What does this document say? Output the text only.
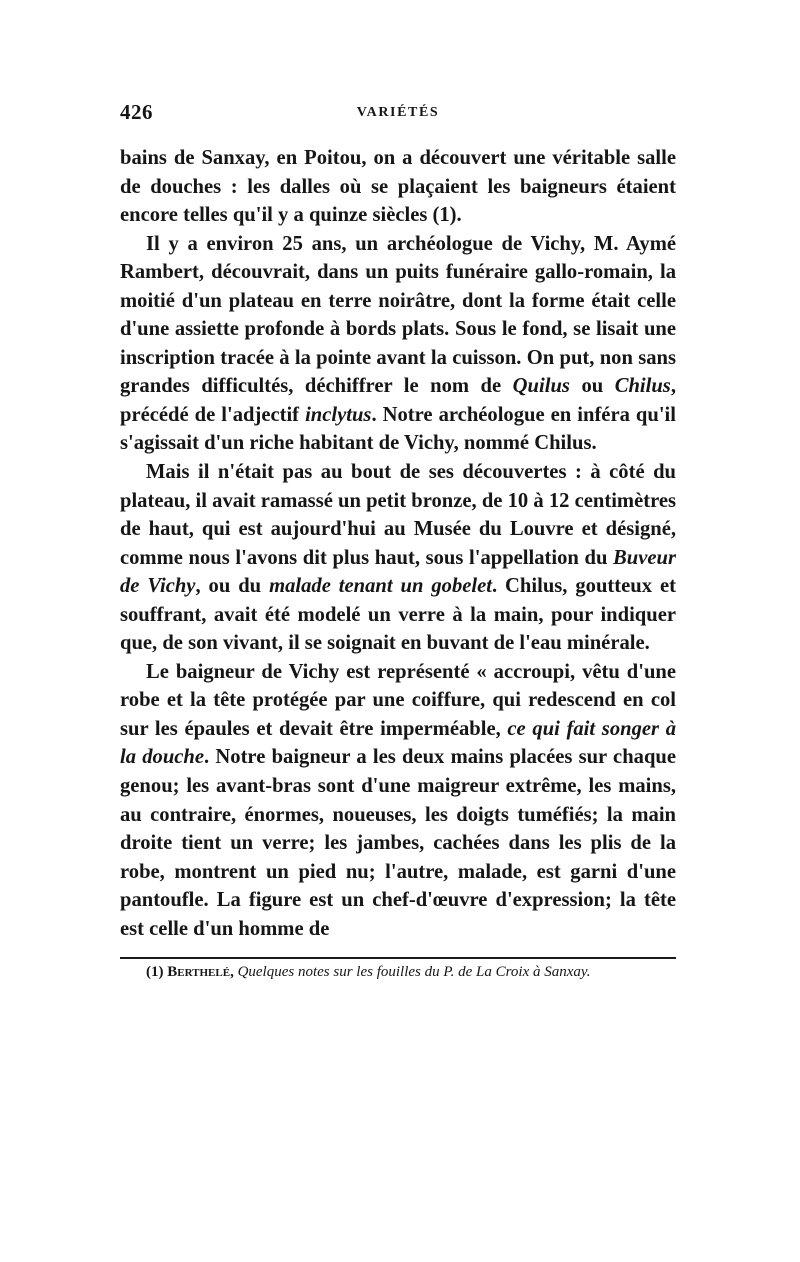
426	VARIÉTÉS

bains de Sanxay, en Poitou, on a découvert une véritable salle de douches : les dalles où se plaçaient les baigneurs étaient encore telles qu'il y a quinze siècles (1).

Il y a environ 25 ans, un archéologue de Vichy, M. Aymé Rambert, découvrait, dans un puits funéraire gallo-romain, la moitié d'un plateau en terre noirâtre, dont la forme était celle d'une assiette profonde à bords plats. Sous le fond, se lisait une inscription tracée à la pointe avant la cuisson. On put, non sans grandes difficultés, déchiffrer le nom de Quilus ou Chilus, précédé de l'adjectif inclytus. Notre archéologue en inféra qu'il s'agissait d'un riche habitant de Vichy, nommé Chilus.

Mais il n'était pas au bout de ses découvertes : à côté du plateau, il avait ramassé un petit bronze, de 10 à 12 centimètres de haut, qui est aujourd'hui au Musée du Louvre et désigné, comme nous l'avons dit plus haut, sous l'appellation du Buveur de Vichy, ou du malade tenant un gobelet. Chilus, goutteux et souffrant, avait été modelé un verre à la main, pour indiquer que, de son vivant, il se soignait en buvant de l'eau minérale.

Le baigneur de Vichy est représenté « accroupi, vêtu d'une robe et la tête protégée par une coiffure, qui redescend en col sur les épaules et devait être imperméable, ce qui fait songer à la douche. Notre baigneur a les deux mains placées sur chaque genou; les avant-bras sont d'une maigreur extrême, les mains, au contraire, énormes, noueuses, les doigts tuméfiés; la main droite tient un verre; les jambes, cachées dans les plis de la robe, montrent un pied nu; l'autre, malade, est garni d'une pantoufle. La figure est un chef-d'œuvre d'expression; la tête est celle d'un homme de

(1) Berthelé, Quelques notes sur les fouilles du P. de La Croix à Sanxay.
